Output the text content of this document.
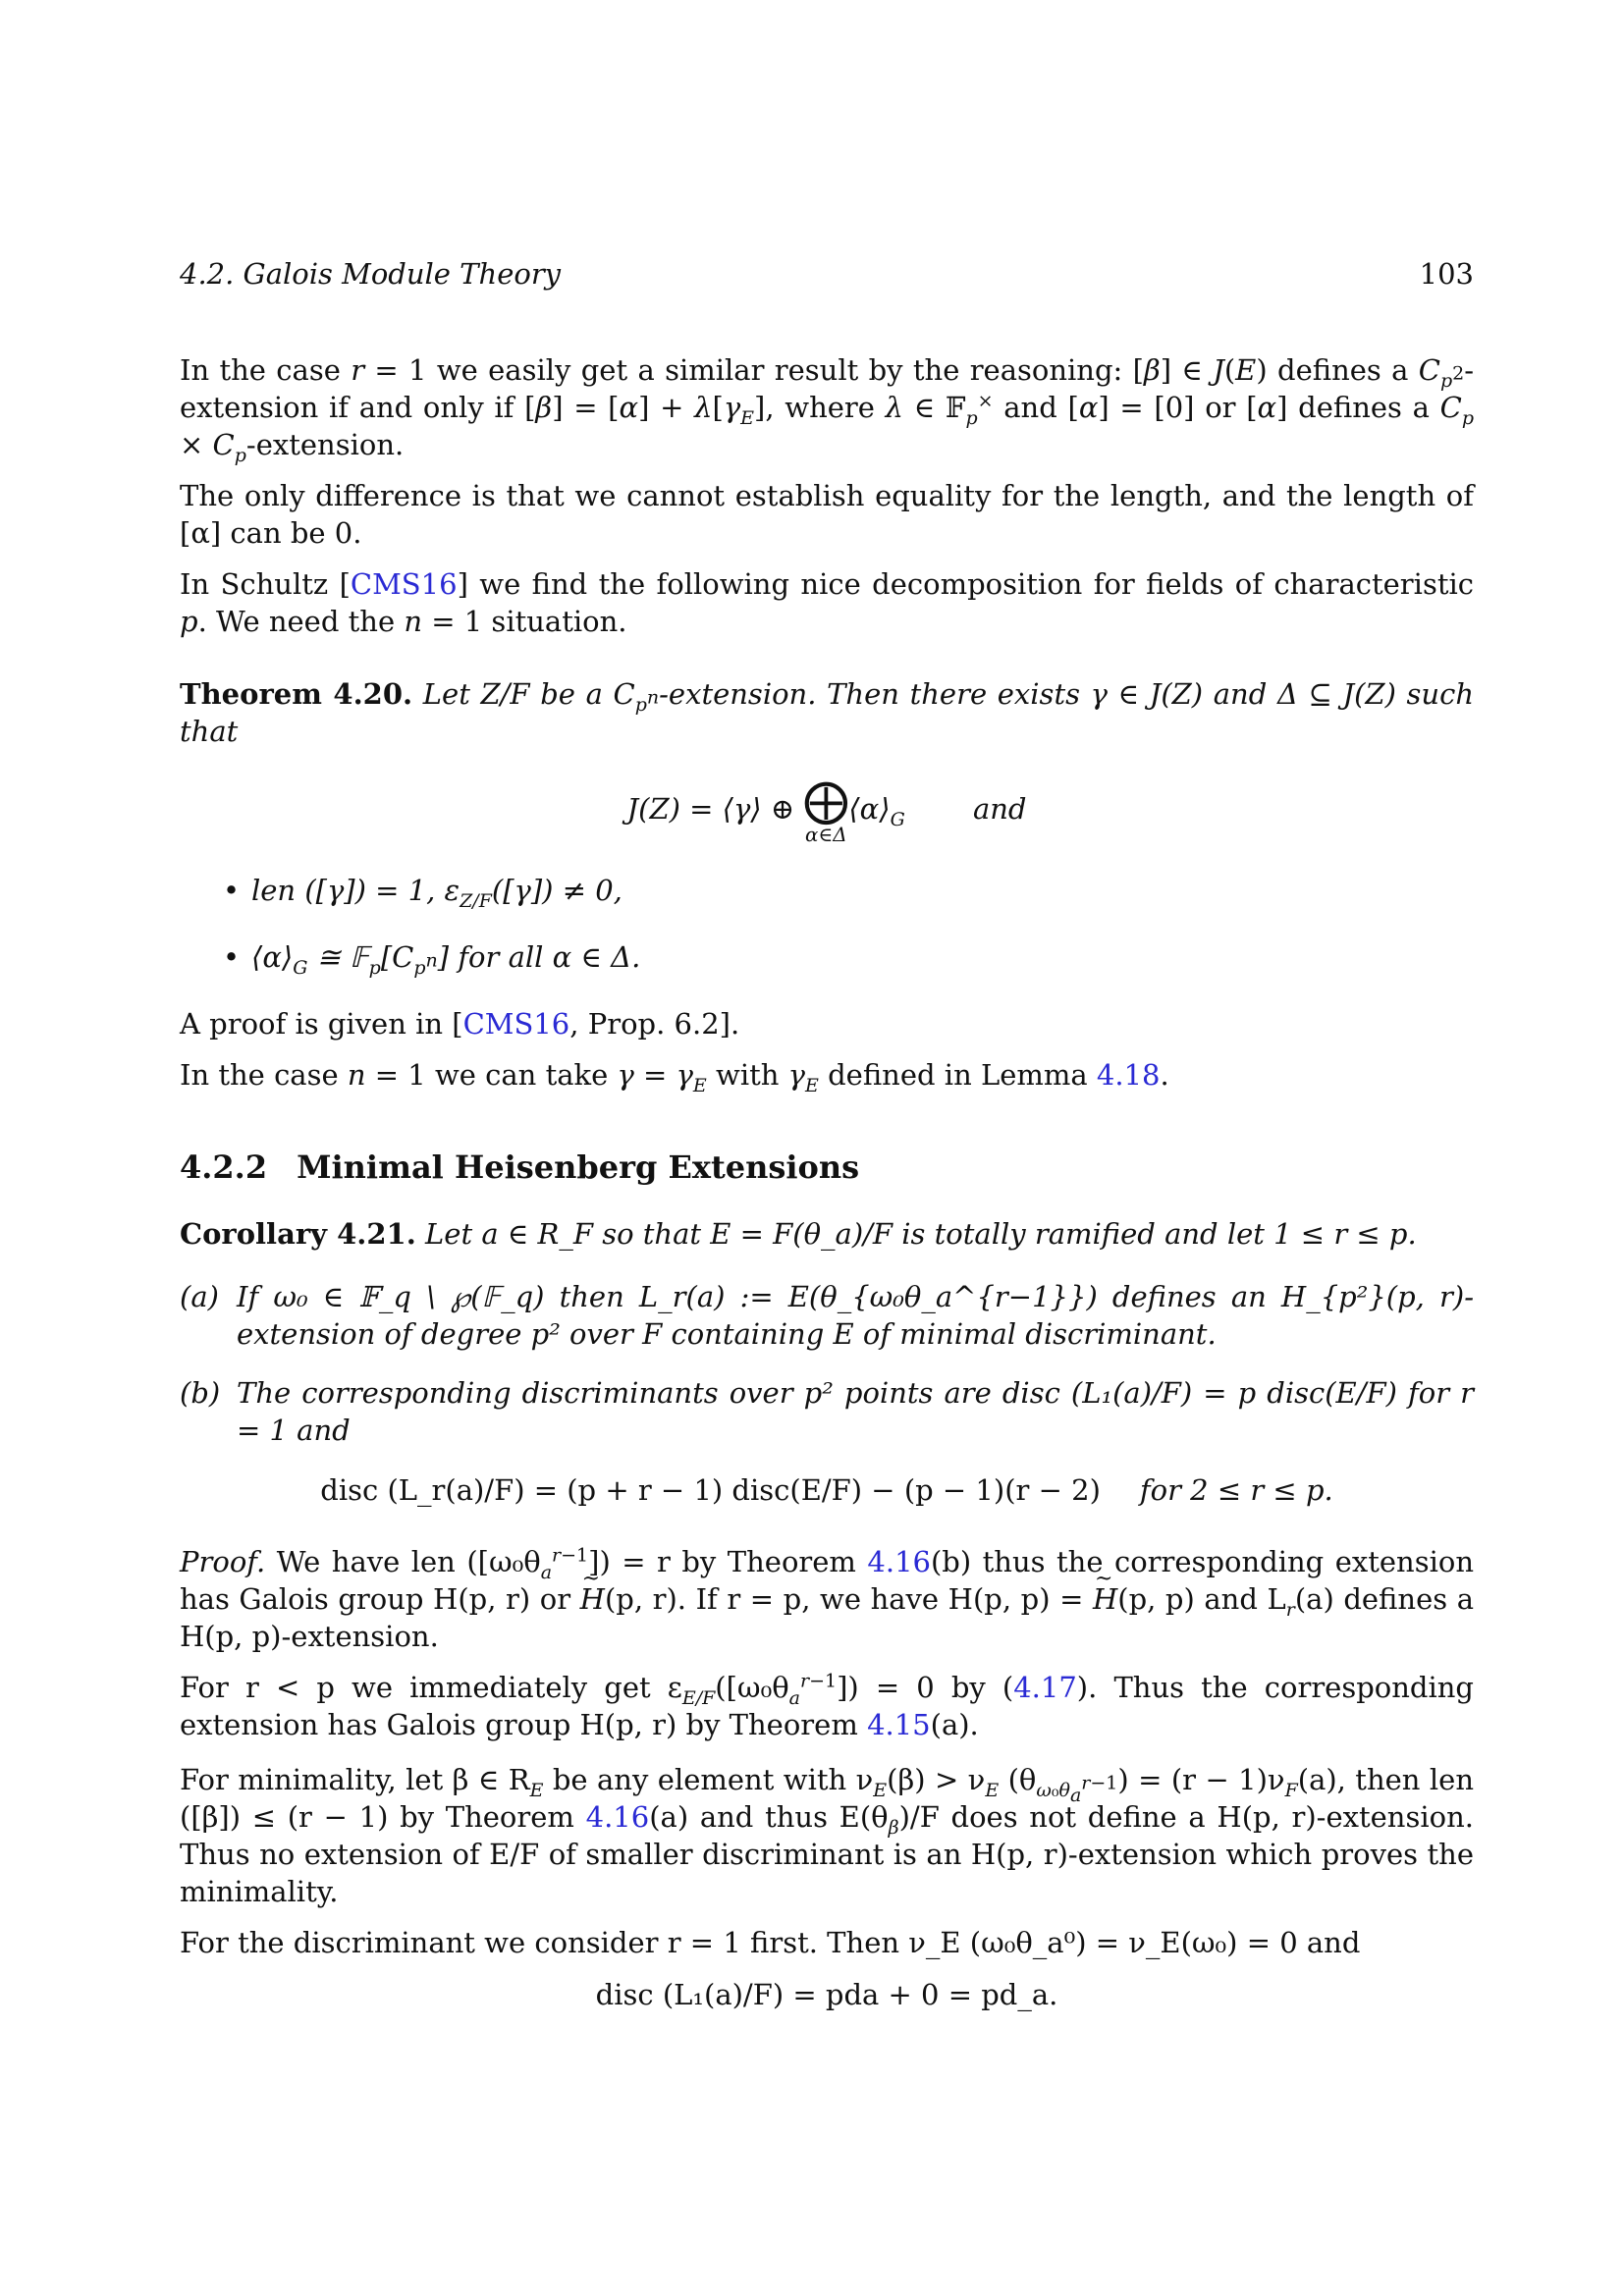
4.2. Galois Module Theory	103

In the case r = 1 we easily get a similar result by the reasoning: [β] ∈ J(E) defines a $C_{p^2}$-extension if and only if $[\beta] = [\alpha] + \lambda[\gamma_E]$, where λ ∈ 𝔽$_p$× and [α] = [0] or [α] defines a $C_p$ × $C_p$-extension.

The only difference is that we cannot establish equality for the length, and the length of [α] can be 0.

In Schultz [CMS16] we find the following nice decomposition for fields of characteristic p. We need the n = 1 situation.

Theorem 4.20. Let Z/F be a $C_{p^n}$-extension. Then there exists γ ∈ J(Z) and Δ ⊆ J(Z) such that

J(Z) = ⟨γ⟩ ⊕ ⨁
α∈Δ
$⟨\alpha⟩_G$ and
• len ([γ]) = 1, $\varepsilon_{Z/F}([\gamma]) \ne 0$,
• $⟨\alpha⟩_G$ ≅ $𝔽_p[C_{p^n}]$ for all α ∈ Δ.

A proof is given in [CMS16, Prop. 6.2].

In the case n = 1 we can take $\gamma = \gamma_E$ with $\gamma_E$ defined in Lemma 4.18.

4.2.2 Minimal Heisenberg Extensions

Corollary 4.21. Let a ∈ R_F so that E = F(θ_a)/F is totally ramified and let 1 ≤ r ≤ p.

(a) If ω₀ ∈ 𝔽_q \ ℘(𝔽_q) then L_r(a) := E(θ_{ω₀θ_a^{r−1}}) defines an H_{p²}(p, r)-extension of degree p² over F containing E of minimal discriminant.
(b) The corresponding discriminants over p² points are disc (L₁(a)/F) = p disc(E/F) for r = 1 and
disc (L_r(a)/F) = (p + r − 1) disc(E/F) − (p − 1)(r − 2) for 2 ≤ r ≤ p.

Proof. We have len $([\omega_0\theta_a^{r-1}]) = r$ by Theorem 4.16(b) thus the corresponding extension has Galois group H(p, r) or ~ H(p, r). If r = p, we have H(p, p) = ~ H(p, p) and $L_r(a)$ defines a H(p, p)-extension.

For r < p we immediately get $\varepsilon_{E/F}([\omega_0\theta_a^{r-1}]) = 0$ by (4.17). Thus the corresponding extension has Galois group H(p, r) by Theorem 4.15(a).

For minimality, let β ∈ $R_E$ be any element with $\nu_E(\beta) > \nu_E$ $(\theta_{\omega_0\theta_a^{r-1}}) = (r - 1)\nu_F(a)$, then len ([β]) ≤ (r − 1) by Theorem 4.16(a) and thus $E(\theta_\beta)/F$ does not define a H(p, r)-extension. Thus no extension of E/F of smaller discriminant is an H(p, r)-extension which proves the minimality.

For the discriminant we consider r = 1 first. Then ν_E (ω₀θ_a⁰) = ν_E(ω₀) = 0 and

disc (L₁(a)/F) = pda + 0 = pd_a.
